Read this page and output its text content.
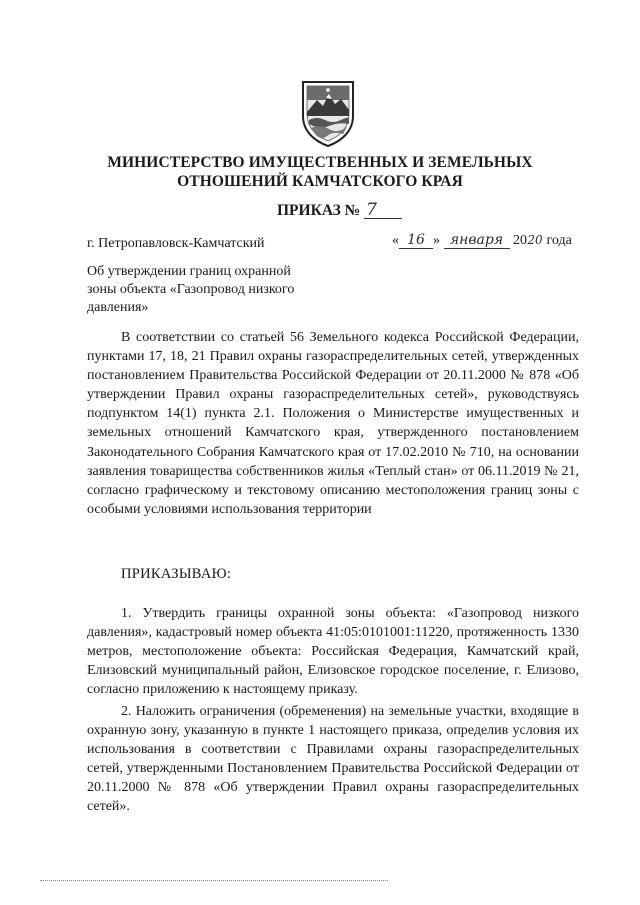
МИНИСТЕРСТВО ИМУЩЕСТВЕННЫХ И ЗЕМЕЛЬНЫХ
ОТНОШЕНИЙ КАМЧАТСКОГО КРАЯ
ПРИКАЗ № 7
г. Петропавловск-Камчатский	« 16 » января 2020 года
Об утверждении границ охранной
зоны объекта «Газопровод низкого
давления»

В соответствии со статьей 56 Земельного кодекса Российской Федерации, пунктами 17, 18, 21 Правил охраны газораспределительных сетей, утвержденных постановлением Правительства Российской Федерации от 20.11.2000 № 878 «Об утверждении Правил охраны газораспределительных сетей», руководствуясь подпунктом 14(1) пункта 2.1. Положения о Министерстве имущественных и земельных отношений Камчатского края, утвержденного постановлением Законодательного Собрания Камчатского края от 17.02.2010 № 710, на основании заявления товарищества собственников жилья «Теплый стан» от 06.11.2019 № 21, согласно графическому и текстовому описанию местоположения границ зоны с особыми условиями использования территории

ПРИКАЗЫВАЮ:

1. Утвердить границы охранной зоны объекта: «Газопровод низкого давления», кадастровый номер объекта 41:05:0101001:11220, протяженность 1330 метров, местоположение объекта: Российская Федерация, Камчатский край, Елизовский муниципальный район, Елизовское городское поселение, г. Елизово, согласно приложению к настоящему приказу.

2. Наложить ограничения (обременения) на земельные участки, входящие в охранную зону, указанную в пункте 1 настоящего приказа, определив условия их использования в соответствии с Правилами охраны газораспределительных сетей, утвержденными Постановлением Правительства Российской Федерации от 20.11.2000 № 878 «Об утверждении Правил охраны газораспределительных сетей».
